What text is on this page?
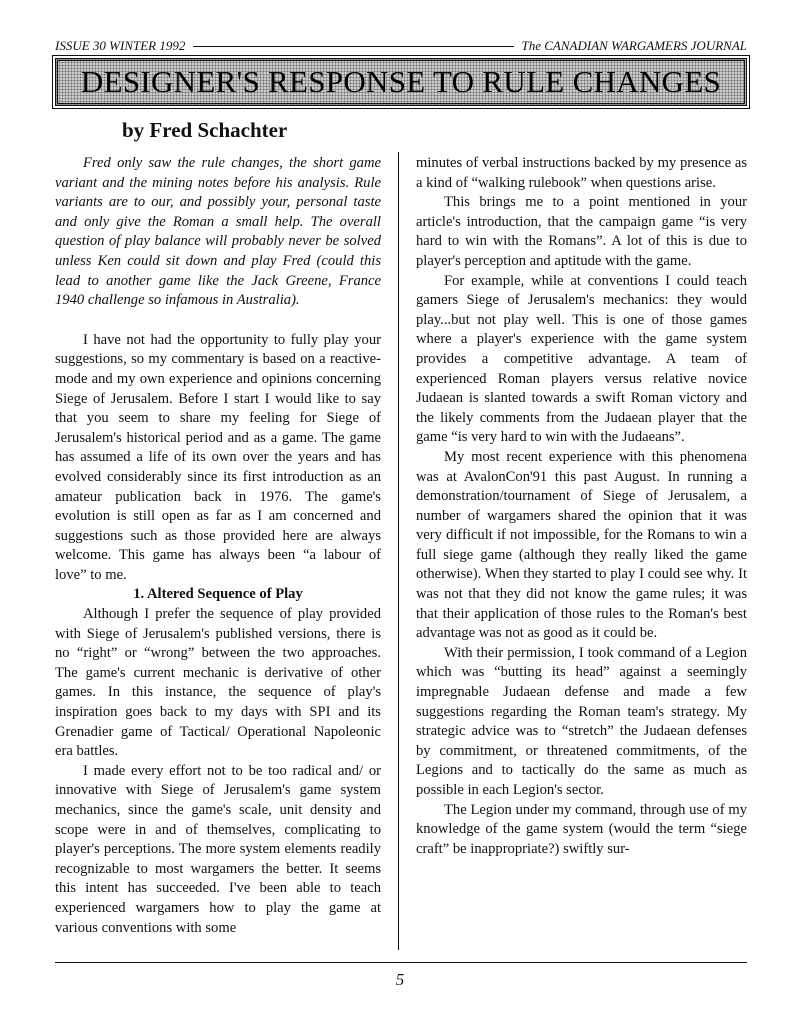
ISSUE 30 WINTER 1992	The CANADIAN WARGAMERS JOURNAL
DESIGNER'S RESPONSE TO RULE CHANGES
by Fred Schachter

Fred only saw the rule changes, the short game variant and the mining notes before his analysis. Rule variants are to our, and possibly your, personal taste and only give the Roman a small help. The overall question of play balance will probably never be solved unless Ken could sit down and play Fred (could this lead to another game like the Jack Greene, France 1940 challenge so infamous in Australia).

I have not had the opportunity to fully play your suggestions, so my commentary is based on a reactive-mode and my own experience and opinions concerning Siege of Jerusalem. Before I start I would like to say that you seem to share my feeling for Siege of Jerusalem's historical period and as a game. The game has assumed a life of its own over the years and has evolved considerably since its first introduction as an amateur publication back in 1976. The game's evolution is still open as far as I am concerned and suggestions such as those provided here are always welcome. This game has always been “a labour of love” to me.

1. Altered Sequence of Play

Although I prefer the sequence of play provided with Siege of Jerusalem's published versions, there is no “right” or “wrong” between the two approaches. The game's current mechanic is derivative of other games. In this instance, the sequence of play's inspiration goes back to my days with SPI and its Grenadier game of Tactical/ Operational Napoleonic era battles.

I made every effort not to be too radical and/ or innovative with Siege of Jerusalem's game system mechanics, since the game's scale, unit density and scope were in and of themselves, complicating to player's perceptions. The more system elements readily recognizable to most wargamers the better. It seems this intent has succeeded. I've been able to teach experienced wargamers how to play the game at various conventions with some

minutes of verbal instructions backed by my presence as a kind of “walking rulebook” when questions arise.

This brings me to a point mentioned in your article's introduction, that the campaign game “is very hard to win with the Romans”. A lot of this is due to player's perception and aptitude with the game.

For example, while at conventions I could teach gamers Siege of Jerusalem's mechanics: they would play...but not play well. This is one of those games where a player's experience with the game system provides a competitive advantage. A team of experienced Roman players versus relative novice Judaean is slanted towards a swift Roman victory and the likely comments from the Judaean player that the game “is very hard to win with the Judaeans”.

My most recent experience with this phenomena was at AvalonCon'91 this past August. In running a demonstration/tournament of Siege of Jerusalem, a number of wargamers shared the opinion that it was very difficult if not impossible, for the Romans to win a full siege game (although they really liked the game otherwise). When they started to play I could see why. It was not that they did not know the game rules; it was that their application of those rules to the Roman's best advantage was not as good as it could be.

With their permission, I took command of a Legion which was “butting its head” against a seemingly impregnable Judaean defense and made a few suggestions regarding the Roman team's strategy. My strategic advice was to “stretch” the Judaean defenses by commitment, or threatened commitments, of the Legions and to tactically do the same as much as possible in each Legion's sector.

The Legion under my command, through use of my knowledge of the game system (would the term “siege craft” be inappropriate?) swiftly sur-

5
